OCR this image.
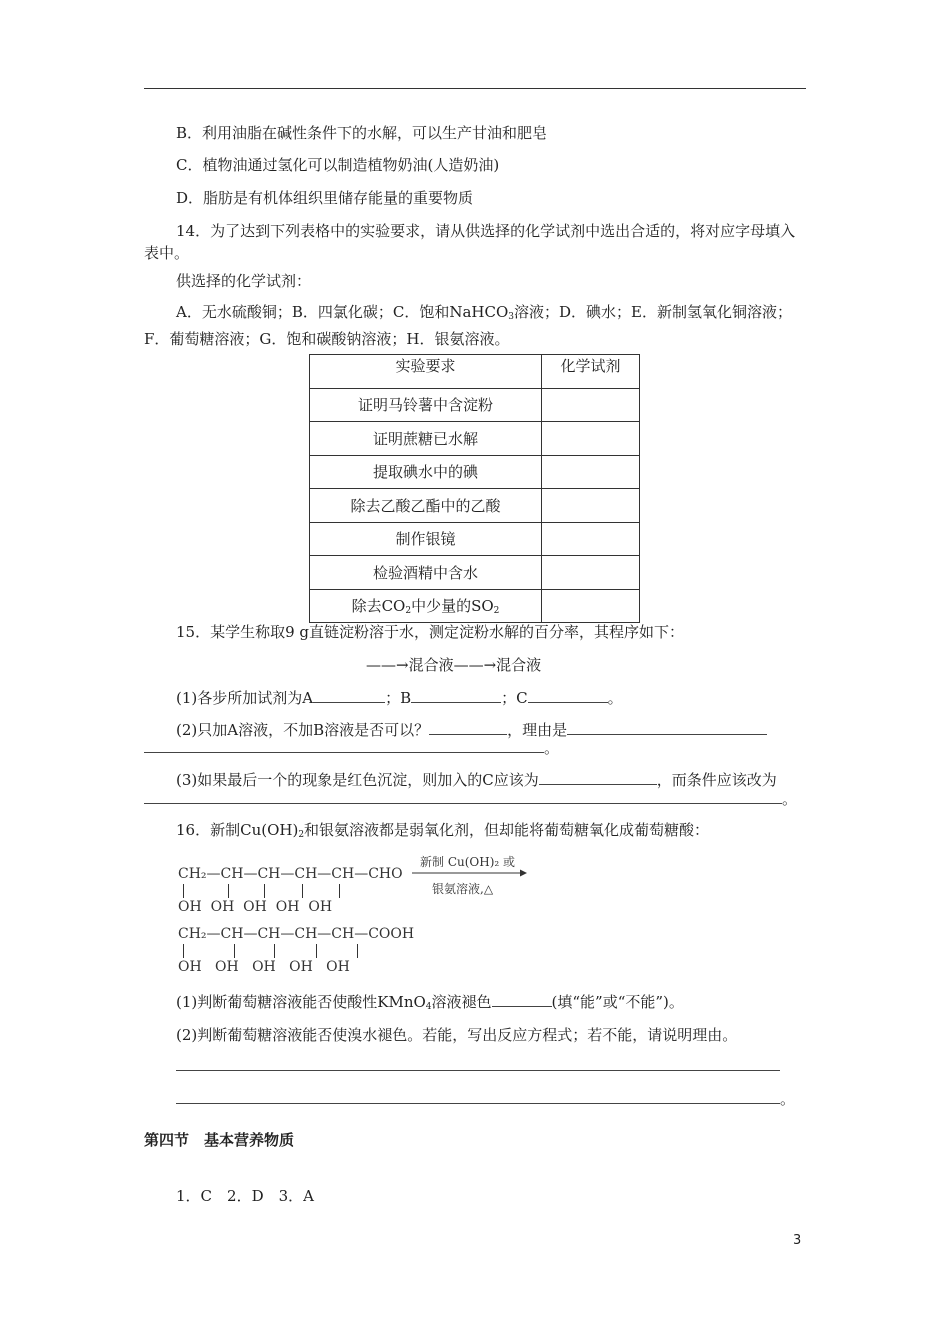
B．利用油脂在碱性条件下的水解，可以生产甘油和肥皂
C．植物油通过氢化可以制造植物奶油(人造奶油)
D．脂肪是有机体组织里储存能量的重要物质
14．为了达到下列表格中的实验要求，请从供选择的化学试剂中选出合适的，将对应字母填入表中。
供选择的化学试剂：
A．无水硫酸铜；B．四氯化碳；C．饱和NaHCO$_3$溶液；D．碘水；E．新制氢氧化铜溶液；F．葡萄糖溶液；G．饱和碳酸钠溶液；H．银氨溶液。
实验要求	化学试剂
证明马铃薯中含淀粉	
证明蔗糖已水解	
提取碘水中的碘	
除去乙酸乙酯中的乙酸	
制作银镜	
检验酒精中含水	
除去$CO_2$中少量的$SO_2$	
15．某学生称取9 g直链淀粉溶于水，测定淀粉水解的百分率，其程序如下：
——→混合液——→混合液
(1)各步所加试剂为A	；B	；C	。
(2)只加A溶液，不加B溶液是否可以？	，理由是
。
(3)如果最后一个的现象是红色沉淀，则加入的C应该为	，而条件应该改为
。
16．新制$Cu(OH)_2$和银氨溶液都是弱氧化剂，但却能将葡萄糖氧化成葡萄糖酸：
CH₂—CH—CH—CH—CH—CHO
OH  OH  OH  OH  OH
新制 Cu(OH)₂ 或
银氨溶液,△
CH₂—CH—CH—CH—CH—COOH
OH   OH   OH   OH   OH
(1)判断葡萄糖溶液能否使酸性KMnO$_4$溶液褪色	(填“能”或“不能”)。
(2)判断葡萄糖溶液能否使溴水褪色。若能，写出反应方程式；若不能，请说明理由。
。
第四节　基本营养物质
1．C　2．D　3．A
3
